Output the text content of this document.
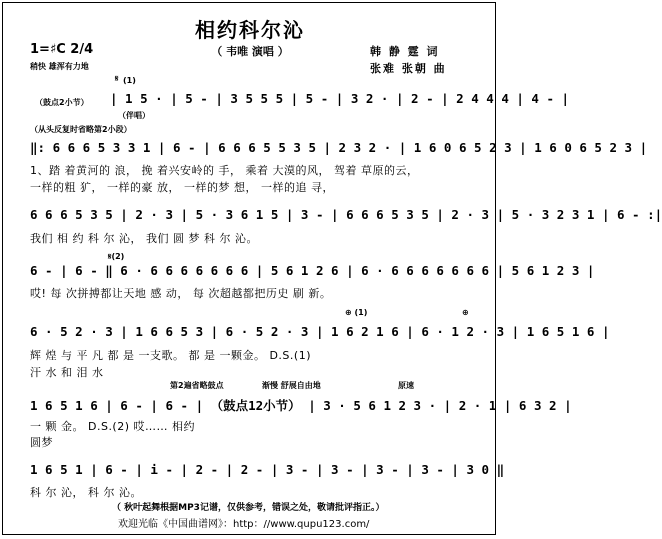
相约科尔沁
（ 韦唯 演唱 ）	韩 静 霆 词
张难 张朝 曲
1=♯C 2/4
稍快 雄浑有力地
𝄋 (1)
（鼓点2小节）
（伴唱）
| 1 5 · | 5 - | 3 5 5 5 | 5 - | 3 2 · | 2 - | 2 4 4 4 | 4 - |
（从头反复时省略第2小段）
‖: 6 6 6 5 3 3 1 | 6 - | 6 6 6 5 5 3 5 | 2 3 2 · | 1 6 0 6 5 2 3 | 1 6 0 6 5 2 3 |
1、踏 着黄河的 浪， 挽 着兴安岭的 手， 乘着 大漠的风， 驾着 草原的云，
一样的粗 犷， 一样的豪 放， 一样的梦 想， 一样的追 寻，
6 6 6 5 3 5 | 2 · 3 | 5 · 3 6 1 5 | 3 - | 6 6 6 5 3 5 | 2 · 3 | 5 · 3 2 3 1 | 6 - :|
我们 相 约 科 尔 沁， 我们 圆 梦 科 尔 沁。
𝄋(2)
6 - | 6 - ‖ 6 · 6 6 6 6 6 6 6 | 5 6 1 2 6 | 6 · 6 6 6 6 6 6 6 | 5 6 1 2 3 |
哎! 每 次拼搏都让天地 感 动， 每 次超越都把历史 刷 新。
⊕ (1)	⊕
6 · 5 2 · 3 | 1 6 6 5 3 | 6 · 5 2 · 3 | 1 6 2 1 6 | 6 · 1 2 · 3 | 1 6 5 1 6 |
辉 煌 与 平 凡 都 是 一支歌。 都 是 一颗金。 D.S.(1)
汗 水 和 泪 水
第2遍省略鼓点	渐慢 舒展自由地	原速
1 6 5 1 6 | 6 - | 6 - | （鼓点12小节） | 3 · 5 6 1 2 3 · | 2 · 1 | 6 3 2 |
一 颗 金。 D.S.(2) 哎…… 相约
圆梦
1 6 5 1 | 6 - | i - | 2 - | 2 - | 3 - | 3 - | 3 - | 3 - | 3 0 ‖
科 尔 沁， 科 尔 沁。
（ 秋叶起舞根据MP3记谱，仅供参考，错误之处，敬请批评指正。）
欢迎光临《中国曲谱网》：http：//www.qupu123.com/
